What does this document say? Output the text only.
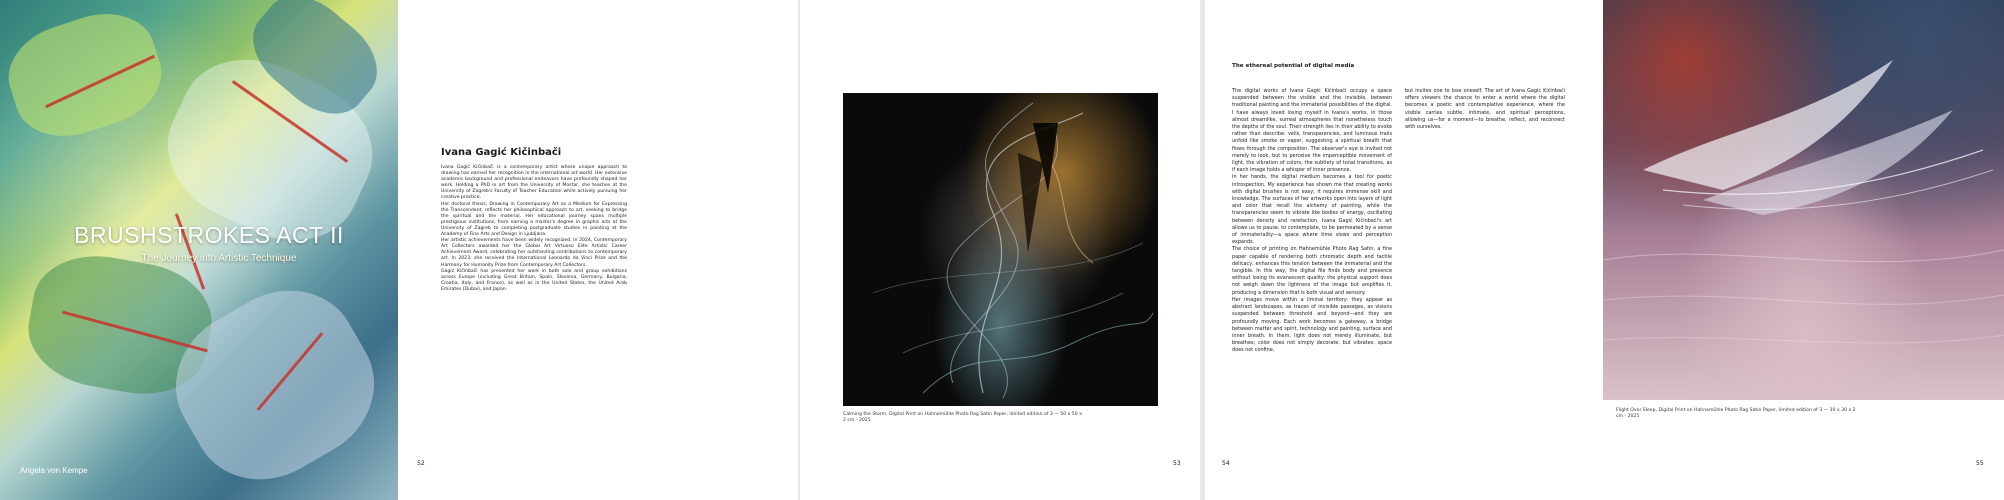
BRUSHSTROKES ACT II
The Journey into Artistic Technique
Angela von Kempe
Ivana Gagić Kičinbači

Ivana Gagić Kičinbači is a contemporary artist whose unique approach to drawing has earned her recognition in the international art world. Her extensive academic background and professional endeavors have profoundly shaped her work. Holding a PhD in art from the University of Mostar, she teaches at the University of Zagreb's Faculty of Teacher Education while actively pursuing her creative practice.

Her doctoral thesis, Drawing in Contemporary Art as a Medium for Expressing the Transcendent, reflects her philosophical approach to art, seeking to bridge the spiritual and the material. Her educational journey spans multiple prestigious institutions, from earning a master's degree in graphic arts at the University of Zagreb to completing postgraduate studies in painting at the Academy of Fine Arts and Design in Ljubljana.

Her artistic achievements have been widely recognized. In 2024, Contemporary Art Collectors awarded her the Global Art Virtuoso Elite Artistic Career Achievement Award, celebrating her outstanding contributions to contemporary art. In 2023, she received the International Leonardo da Vinci Prize and the Harmony for Humanity Prize from Contemporary Art Collectors.

Gagić Kičinbači has presented her work in both solo and group exhibitions across Europe (including Great Britain, Spain, Slovenia, Germany, Bulgaria, Croatia, Italy, and France), as well as in the United States, the United Arab Emirates (Dubai), and Japan.

52
Calming the Storm, Digital Print on Hahnemühle Photo Rag Satin Paper, limited edition of 3 — 50 x 50 x 2 cm - 2025
53
The ethereal potential of digital media

The digital works of Ivana Gagić Kičinbači occupy a space suspended between the visible and the invisible, between traditional painting and the immaterial possibilities of the digital. I have always loved losing myself in Ivana's works, in those almost dreamlike, surreal atmospheres that nonetheless touch the depths of the soul. Their strength lies in their ability to evoke rather than describe: veils, transparencies, and luminous trails unfold like smoke or vapor, suggesting a spiritual breath that flows through the composition. The observer's eye is invited not merely to look, but to perceive the imperceptible movement of light, the vibration of colors, the subtlety of tonal transitions, as if each image holds a whisper of inner presence.

In her hands, the digital medium becomes a tool for poetic introspection. My experience has shown me that creating works with digital brushes is not easy; it requires immense skill and knowledge. The surfaces of her artworks open into layers of light and color that recall the alchemy of painting, while the transparencies seem to vibrate like bodies of energy, oscillating between density and rarefaction. Ivana Gagić Kičinbači's art allows us to pause, to contemplate, to be permeated by a sense of immateriality—a space where time slows and perception expands.

The choice of printing on Hahnemühle Photo Rag Satin, a fine paper capable of rendering both chromatic depth and tactile delicacy, enhances this tension between the immaterial and the tangible. In this way, the digital file finds body and presence without losing its evanescent quality: the physical support does not weigh down the lightness of the image but amplifies it, producing a dimension that is both visual and sensory.

Her images move within a liminal territory: they appear as abstract landscapes, as traces of invisible passages, as visions suspended between threshold and beyond—and they are profoundly moving. Each work becomes a gateway, a bridge between matter and spirit, technology and painting, surface and inner breath. In them, light does not merely illuminate, but breathes; color does not simply decorate, but vibrates; space does not confine,

but invites one to lose oneself. The art of Ivana Gagić Kičinbači offers viewers the chance to enter a world where the digital becomes a poetic and contemplative experience, where the visible carries subtle, intimate, and spiritual perceptions, allowing us—for a moment—to breathe, reflect, and reconnect with ourselves.

54
Flight Over Sleep, Digital Print on Hahnemühle Photo Rag Satin Paper, limited edition of 3 — 30 x 30 x 2 cm - 2025
55
